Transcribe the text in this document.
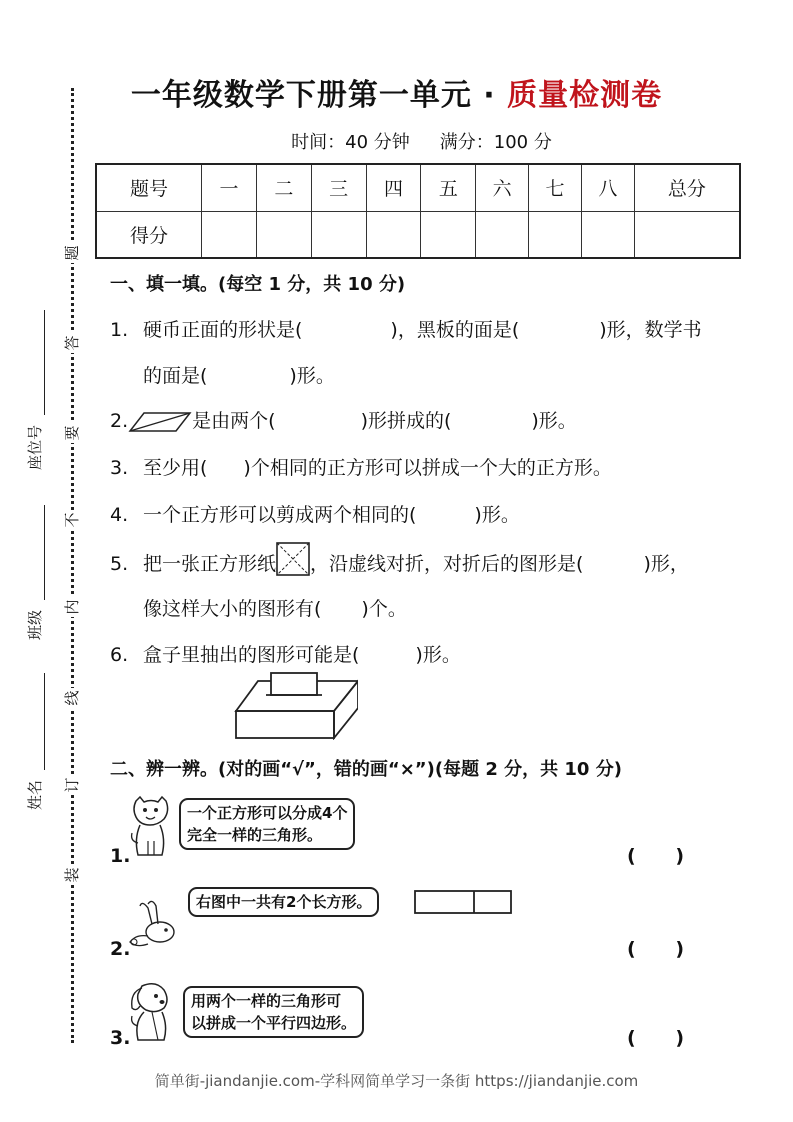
题
答
要
不
内
线
订
装
座位号
班级
姓名
一年级数学下册第一单元 · 质量检测卷
时间：40 分钟 满分：100 分
题号	一	二	三	四	五	六	七	八	总分
得分									
一、填一填。(每空 1 分，共 10 分)
1. 硬币正面的形状是(	)，黑板的面是(	)形，数学书
的面是(	)形。
2.	是由两个(	)形拼成的(	)形。
3. 至少用( )个相同的正方形可以拼成一个大的正方形。
4. 一个正方形可以剪成两个相同的(	)形。
5. 把一张正方形纸 ，沿虚线对折，对折后的图形是(	)形，
像这样大小的图形有( )个。
6. 盒子里抽出的图形可能是(	)形。
二、辨一辨。(对的画“√”，错的画“×”)(每题 2 分，共 10 分)
一个正方形可以分成4个
完全一样的三角形。
1.	(      )
右图中一共有2个长方形。
2.	(      )
用两个一样的三角形可
以拼成一个平行四边形。
3.	(      )
简单街-jiandanjie.com-学科网简单学习一条街 https://jiandanjie.com
